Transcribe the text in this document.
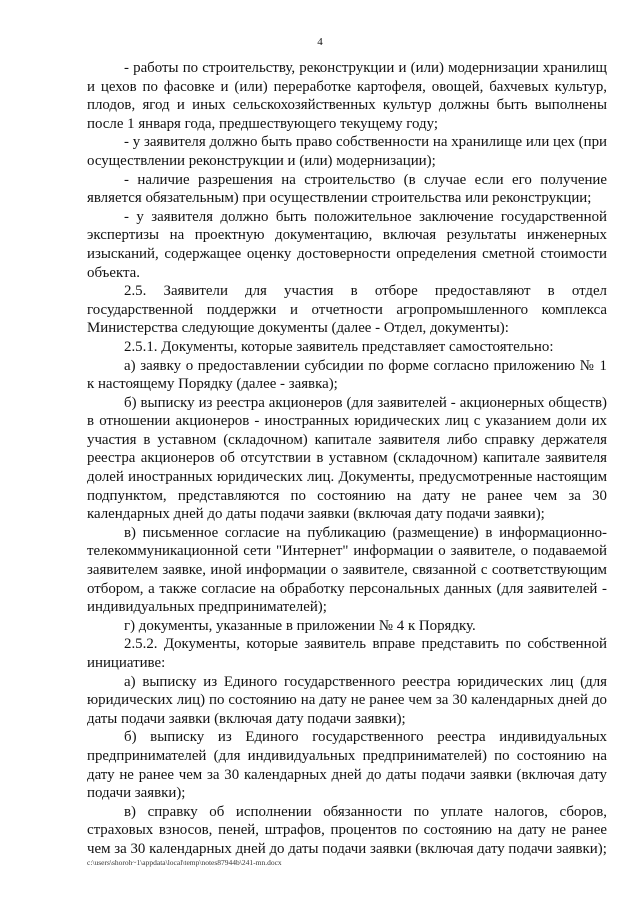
4

- работы по строительству, реконструкции и (или) модернизации хранилищ и цехов по фасовке и (или) переработке картофеля, овощей, бахчевых культур, плодов, ягод и иных сельскохозяйственных культур должны быть выполнены после 1 января года, предшествующего текущему году;

- у заявителя должно быть право собственности на хранилище или цех (при осуществлении реконструкции и (или) модернизации);

- наличие разрешения на строительство (в случае если его получение является обязательным) при осуществлении строительства или реконструкции;

- у заявителя должно быть положительное заключение государственной экспертизы на проектную документацию, включая результаты инженерных изысканий, содержащее оценку достоверности определения сметной стоимости объекта.

2.5. Заявители для участия в отборе предоставляют в отдел государственной поддержки и отчетности агропромышленного комплекса Министерства следующие документы (далее - Отдел, документы):

2.5.1. Документы, которые заявитель представляет самостоятельно:

а) заявку о предоставлении субсидии по форме согласно приложению № 1 к настоящему Порядку (далее - заявка);

б) выписку из реестра акционеров (для заявителей - акционерных обществ) в отношении акционеров - иностранных юридических лиц с указанием доли их участия в уставном (складочном) капитале заявителя либо справку держателя реестра акционеров об отсутствии в уставном (складочном) капитале заявителя долей иностранных юридических лиц. Документы, предусмотренные настоящим подпунктом, представляются по состоянию на дату не ранее чем за 30 календарных дней до даты подачи заявки (включая дату подачи заявки);

в) письменное согласие на публикацию (размещение) в информационно-телекоммуникационной сети "Интернет" информации о заявителе, о подаваемой заявителем заявке, иной информации о заявителе, связанной с соответствующим отбором, а также согласие на обработку персональных данных (для заявителей - индивидуальных предпринимателей);

г) документы, указанные в приложении № 4 к Порядку.

2.5.2. Документы, которые заявитель вправе представить по собственной инициативе:

а) выписку из Единого государственного реестра юридических лиц (для юридических лиц) по состоянию на дату не ранее чем за 30 календарных дней до даты подачи заявки (включая дату подачи заявки);

б) выписку из Единого государственного реестра индивидуальных предпринимателей (для индивидуальных предпринимателей) по состоянию на дату не ранее чем за 30 календарных дней до даты подачи заявки (включая дату подачи заявки);

в) справку об исполнении обязанности по уплате налогов, сборов, страховых взносов, пеней, штрафов, процентов по состоянию на дату не ранее чем за 30 календарных дней до даты подачи заявки (включая дату подачи заявки);

c:\users\shoroh~1\appdata\local\temp\notes87944b\241-mn.docx
